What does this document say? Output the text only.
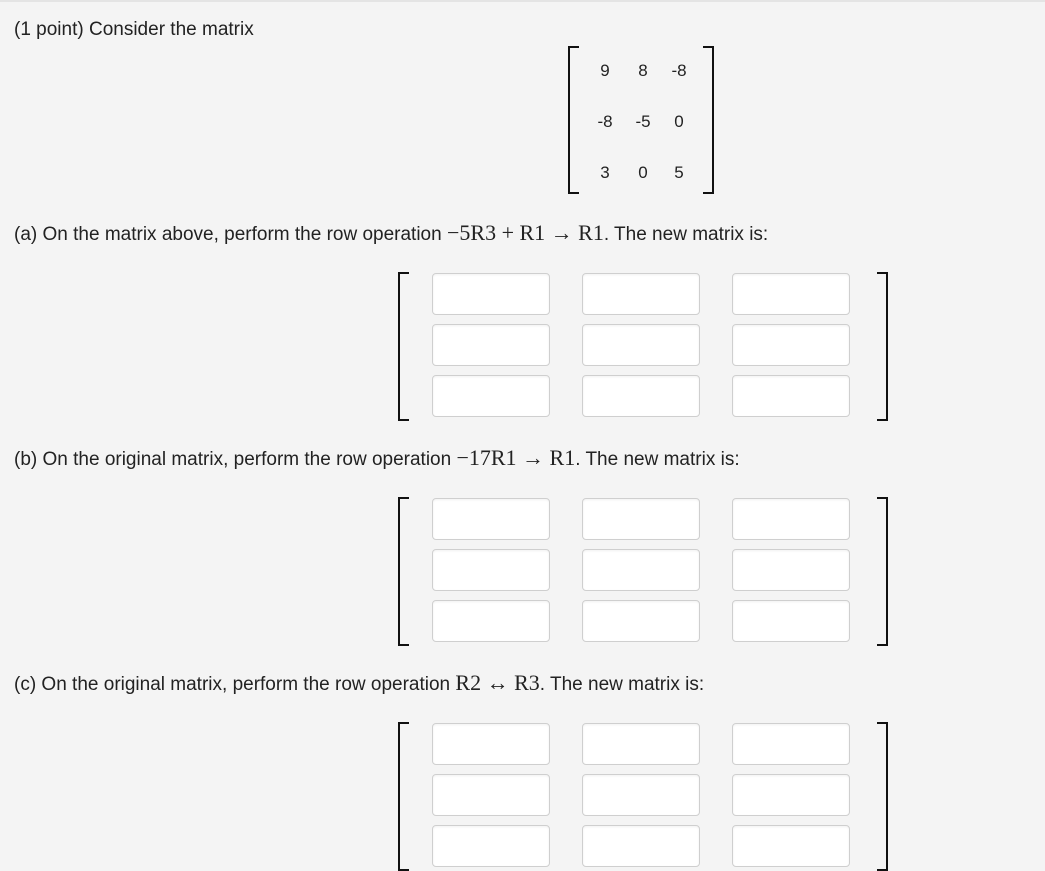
(1 point) Consider the matrix
9	8	-8
-8	-5	0
3	0	5
(a) On the matrix above, perform the row operation −5R3 + R1 → R1. The new matrix is:
(b) On the original matrix, perform the row operation −17R1 → R1. The new matrix is:
(c) On the original matrix, perform the row operation R2 ↔ R3. The new matrix is:
